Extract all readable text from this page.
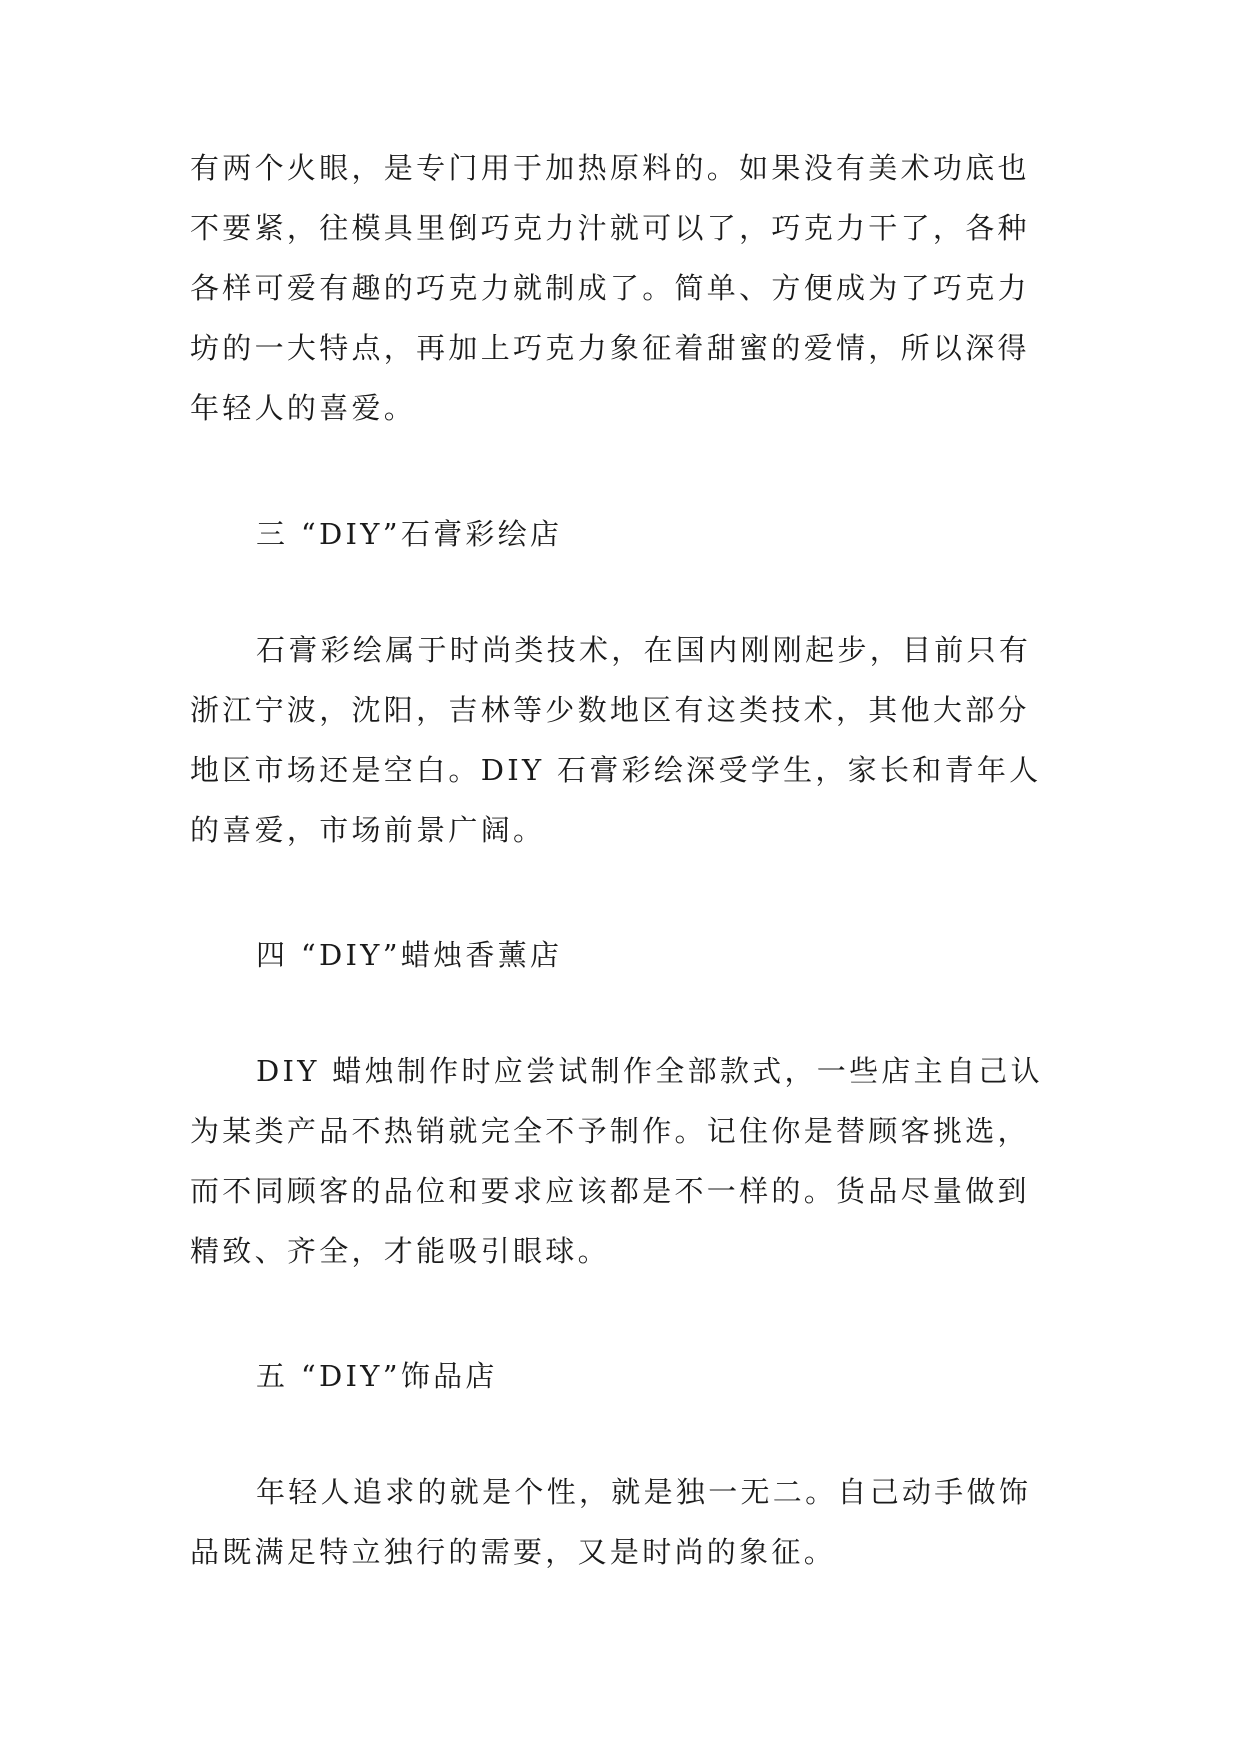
有两个火眼，是专门用于加热原料的。如果没有美术功底也
不要紧，往模具里倒巧克力汁就可以了，巧克力干了，各种
各样可爱有趣的巧克力就制成了。简单、方便成为了巧克力
坊的一大特点，再加上巧克力象征着甜蜜的爱情，所以深得
年轻人的喜爱。
三 “DIY”石膏彩绘店
石膏彩绘属于时尚类技术，在国内刚刚起步，目前只有
浙江宁波，沈阳，吉林等少数地区有这类技术，其他大部分
地区市场还是空白。DIY 石膏彩绘深受学生，家长和青年人
的喜爱，市场前景广阔。
四 “DIY”蜡烛香薰店
DIY 蜡烛制作时应尝试制作全部款式，一些店主自己认
为某类产品不热销就完全不予制作。记住你是替顾客挑选，
而不同顾客的品位和要求应该都是不一样的。货品尽量做到
精致、齐全，才能吸引眼球。
五 “DIY”饰品店
年轻人追求的就是个性，就是独一无二。自己动手做饰
品既满足特立独行的需要，又是时尚的象征。
